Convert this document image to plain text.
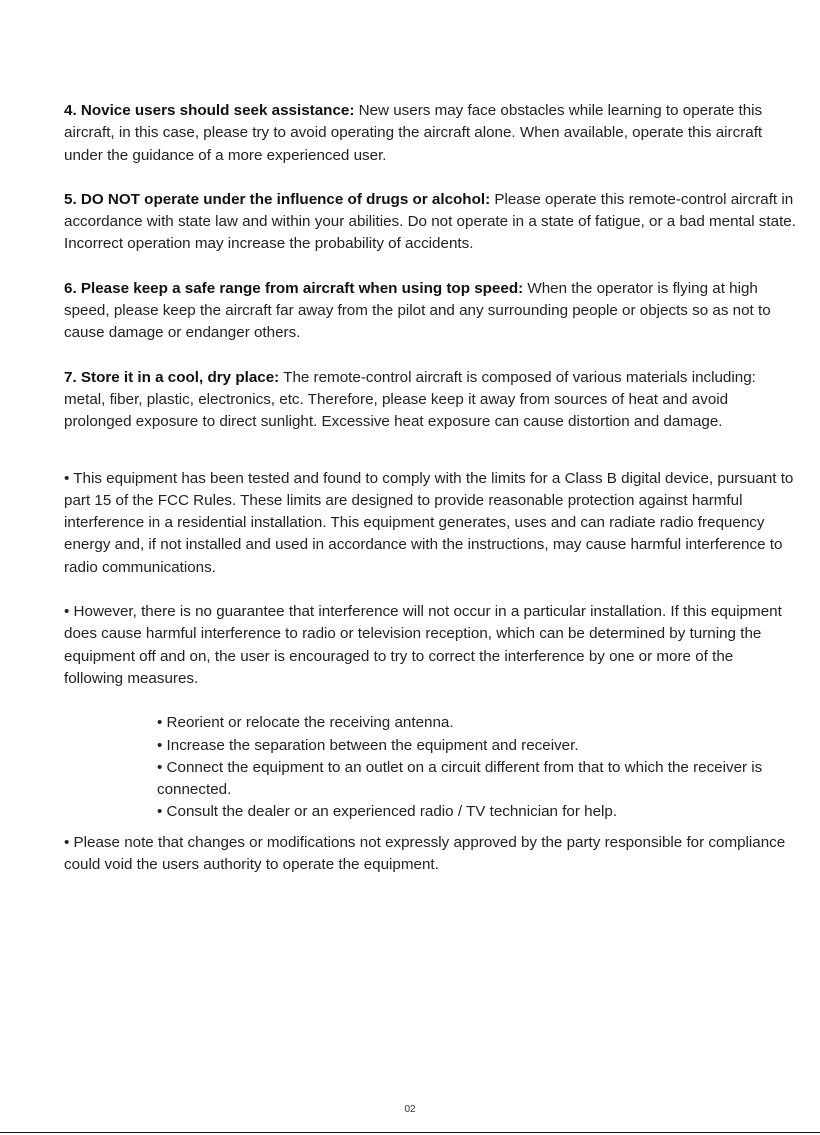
4. Novice users should seek assistance: New users may face obstacles while learning to operate this aircraft, in this case, please try to avoid operating the aircraft alone. When available, operate this aircraft under the guidance of a more experienced user.

5. DO NOT operate under the influence of drugs or alcohol: Please operate this remote-control aircraft in accordance with state law and within your abilities. Do not operate in a state of fatigue, or a bad mental state. Incorrect operation may increase the probability of accidents.

6. Please keep a safe range from aircraft when using top speed: When the operator is flying at high speed, please keep the aircraft far away from the pilot and any surrounding people or objects so as not to cause damage or endanger others.

7. Store it in a cool, dry place: The remote-control aircraft is composed of various materials including: metal, fiber, plastic, electronics, etc. Therefore, please keep it away from sources of heat and avoid prolonged exposure to direct sunlight. Excessive heat exposure can cause distortion and damage.

• This equipment has been tested and found to comply with the limits for a Class B digital device, pursuant to part 15 of the FCC Rules. These limits are designed to provide reasonable protection against harmful interference in a residential installation. This equipment generates, uses and can radiate radio frequency energy and, if not installed and used in accordance with the instructions, may cause harmful interference to radio communications.

• However, there is no guarantee that interference will not occur in a particular installation. If this equipment does cause harmful interference to radio or television reception, which can be determined by turning the equipment off and on, the user is encouraged to try to correct the interference by one or more of the following measures.

• Reorient or relocate the receiving antenna.
• Increase the separation between the equipment and receiver.
• Connect the equipment to an outlet on a circuit different from that to which the receiver is connected.
• Consult the dealer or an experienced radio / TV technician for help.

• Please note that changes or modifications not expressly approved by the party responsible for compliance could void the users authority to operate the equipment.

02
